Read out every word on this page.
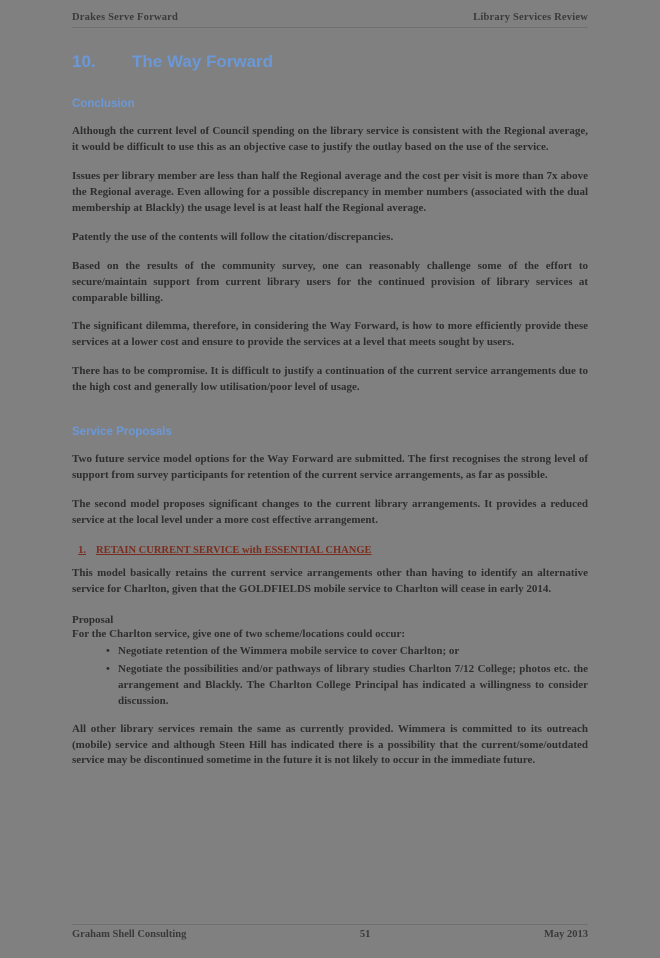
Drakes Serve Forward	Library Services Review
10.	The Way Forward
Conclusion

Although the current level of Council spending on the library service is consistent with the Regional average, it would be difficult to use this as an objective case to justify the outlay based on the use of the service.

Issues per library member are less than half the Regional average and the cost per visit is more than 7x above the Regional average. Even allowing for a possible discrepancy in member numbers (associated with the dual membership at Blackly) the usage level is at least half the Regional average.

Patently the use of the contents will follow the citation/discrepancies.

Based on the results of the community survey, one can reasonably challenge some of the effort to secure/maintain support from current library users for the continued provision of library services at comparable billing.

The significant dilemma, therefore, in considering the Way Forward, is how to more efficiently provide these services at a lower cost and ensure to provide the services at a level that meets sought by users.

There has to be compromise. It is difficult to justify a continuation of the current service arrangements due to the high cost and generally low utilisation/poor level of usage.

Service Proposals

Two future service model options for the Way Forward are submitted. The first recognises the strong level of support from survey participants for retention of the current service arrangements, as far as possible.

The second model proposes significant changes to the current library arrangements. It provides a reduced service at the local level under a more cost effective arrangement.

1. RETAIN CURRENT SERVICE with ESSENTIAL CHANGE

This model basically retains the current service arrangements other than having to identify an alternative service for Charlton, given that the GOLDFIELDS mobile service to Charlton will cease in early 2014.

Proposal
For the Charlton service, give one of two scheme/locations could occur:
• Negotiate retention of the Wimmera mobile service to cover Charlton; or
• Negotiate the possibilities and/or pathways of library studies Charlton 7/12 College; photos etc. the arrangement and Blackly. The Charlton College Principal has indicated a willingness to consider discussion.

All other library services remain the same as currently provided. Wimmera is committed to its outreach (mobile) service and although Steen Hill has indicated there is a possibility that the current/some/outdated service may be discontinued sometime in the future it is not likely to occur in the immediate future.

Graham Shell Consulting	51	May 2013
